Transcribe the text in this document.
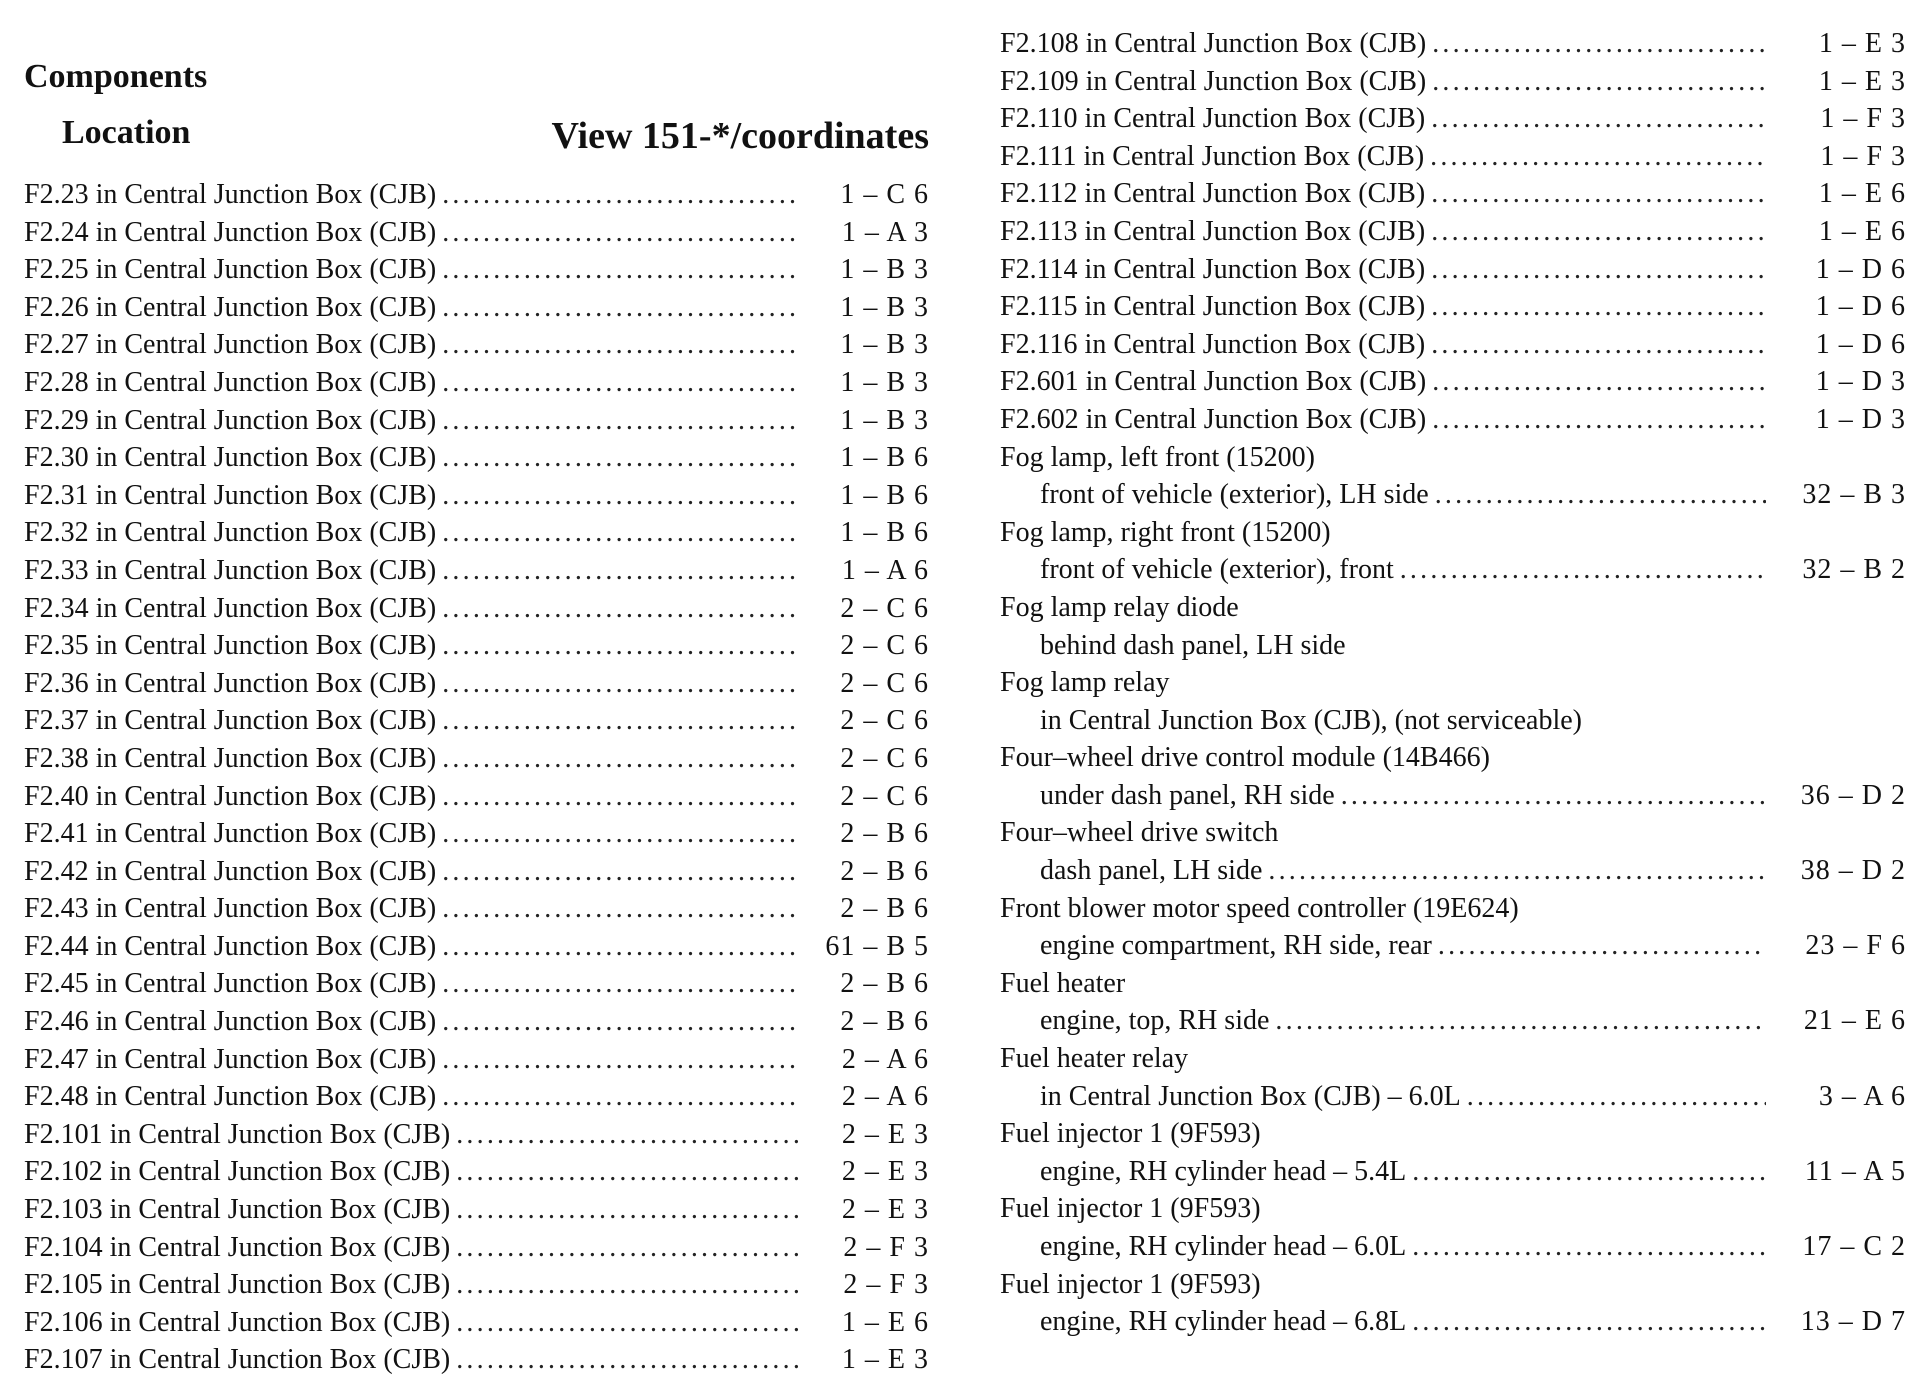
Components
Location	View 151-*/coordinates
F2.23 in Central Junction Box (CJB) .....	1 – C 6
F2.24 in Central Junction Box (CJB) .....	1 – A 3
F2.25 in Central Junction Box (CJB) .....	1 – B 3
F2.26 in Central Junction Box (CJB) .....	1 – B 3
F2.27 in Central Junction Box (CJB) .....	1 – B 3
F2.28 in Central Junction Box (CJB) .....	1 – B 3
F2.29 in Central Junction Box (CJB) .....	1 – B 3
F2.30 in Central Junction Box (CJB) .....	1 – B 6
F2.31 in Central Junction Box (CJB) .....	1 – B 6
F2.32 in Central Junction Box (CJB) .....	1 – B 6
F2.33 in Central Junction Box (CJB) .....	1 – A 6
F2.34 in Central Junction Box (CJB) .....	2 – C 6
F2.35 in Central Junction Box (CJB) .....	2 – C 6
F2.36 in Central Junction Box (CJB) .....	2 – C 6
F2.37 in Central Junction Box (CJB) .....	2 – C 6
F2.38 in Central Junction Box (CJB) .....	2 – C 6
F2.40 in Central Junction Box (CJB) .....	2 – C 6
F2.41 in Central Junction Box (CJB) .....	2 – B 6
F2.42 in Central Junction Box (CJB) .....	2 – B 6
F2.43 in Central Junction Box (CJB) .....	2 – B 6
F2.44 in Central Junction Box (CJB) .....	61 – B 5
F2.45 in Central Junction Box (CJB) .....	2 – B 6
F2.46 in Central Junction Box (CJB) .....	2 – B 6
F2.47 in Central Junction Box (CJB) .....	2 – A 6
F2.48 in Central Junction Box (CJB) .....	2 – A 6
F2.101 in Central Junction Box (CJB) .....	2 – E 3
F2.102 in Central Junction Box (CJB) .....	2 – E 3
F2.103 in Central Junction Box (CJB) .....	2 – E 3
F2.104 in Central Junction Box (CJB) .....	2 – F 3
F2.105 in Central Junction Box (CJB) .....	2 – F 3
F2.106 in Central Junction Box (CJB) .....	1 – E 6
F2.107 in Central Junction Box (CJB) .....	1 – E 3
F2.108 in Central Junction Box (CJB) .....	1 – E 3
F2.109 in Central Junction Box (CJB) .....	1 – E 3
F2.110 in Central Junction Box (CJB) .....	1 – F 3
F2.111 in Central Junction Box (CJB) .....	1 – F 3
F2.112 in Central Junction Box (CJB) .....	1 – E 6
F2.113 in Central Junction Box (CJB) .....	1 – E 6
F2.114 in Central Junction Box (CJB) .....	1 – D 6
F2.115 in Central Junction Box (CJB) .....	1 – D 6
F2.116 in Central Junction Box (CJB) .....	1 – D 6
F2.601 in Central Junction Box (CJB) .....	1 – D 3
F2.602 in Central Junction Box (CJB) .....	1 – D 3
Fog lamp, left front (15200)
front of vehicle (exterior), LH side .....	32 – B 3
Fog lamp, right front (15200)
front of vehicle (exterior), front .....	32 – B 2
Fog lamp relay diode
behind dash panel, LH side
Fog lamp relay
in Central Junction Box (CJB), (not serviceable)
Four–wheel drive control module (14B466)
under dash panel, RH side .....	36 – D 2
Four–wheel drive switch
dash panel, LH side .....	38 – D 2
Front blower motor speed controller (19E624)
engine compartment, RH side, rear .....	23 – F 6
Fuel heater
engine, top, RH side .....	21 – E 6
Fuel heater relay
in Central Junction Box (CJB) – 6.0L .....	3 – A 6
Fuel injector 1 (9F593)
engine, RH cylinder head – 5.4L .....	11 – A 5
Fuel injector 1 (9F593)
engine, RH cylinder head – 6.0L .....	17 – C 2
Fuel injector 1 (9F593)
engine, RH cylinder head – 6.8L .....	13 – D 7
